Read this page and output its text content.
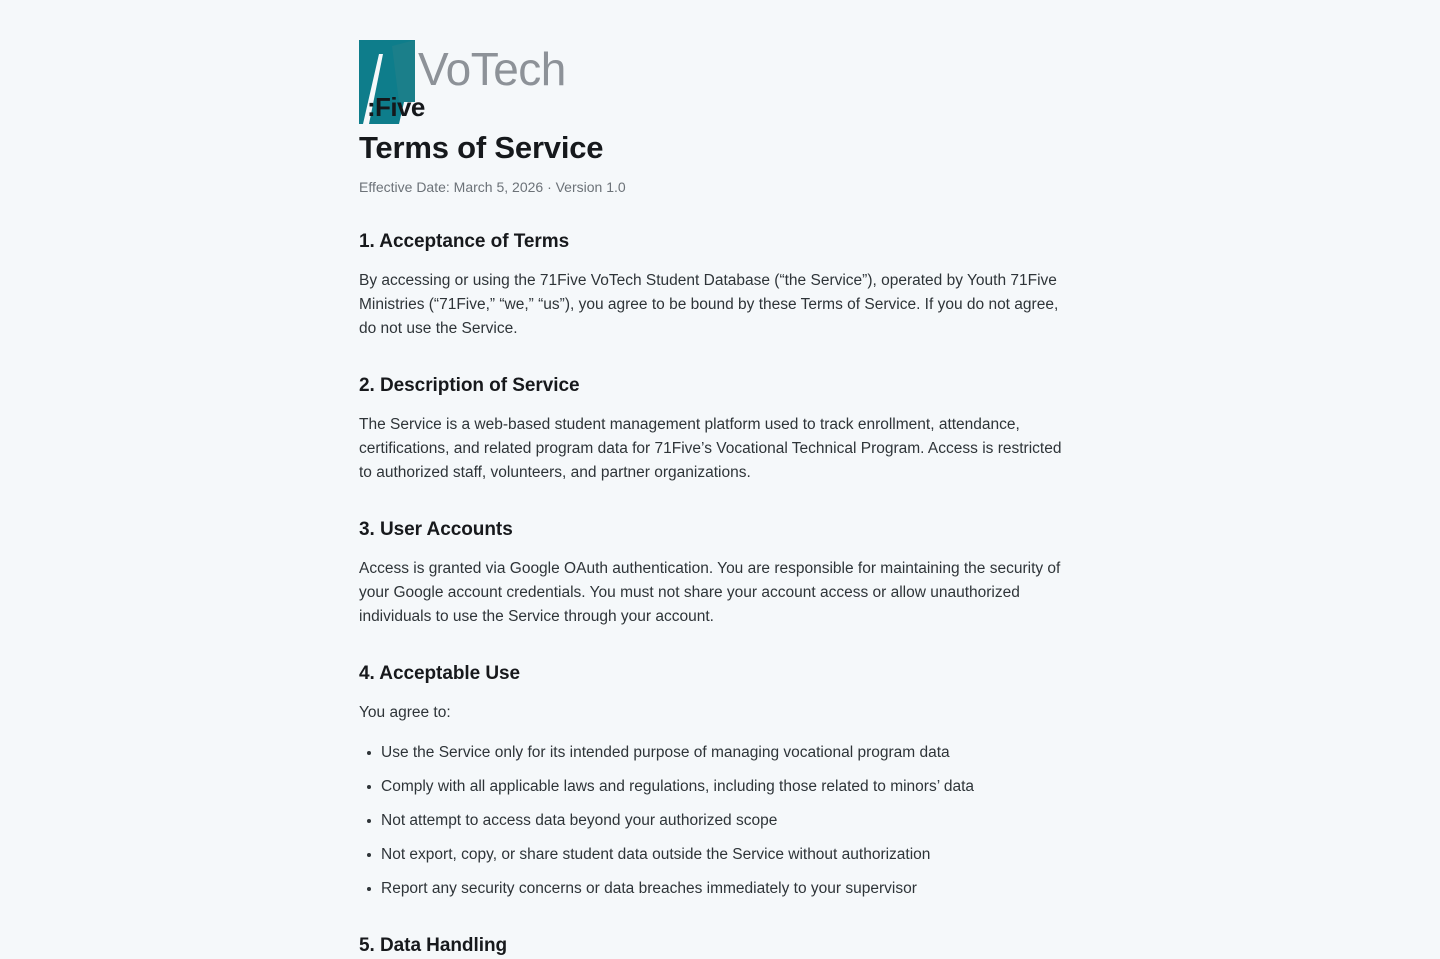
VoTech
:Five
Terms of Service

Effective Date: March 5, 2026 · Version 1.0

1. Acceptance of Terms

By accessing or using the 71Five VoTech Student Database (“the Service”), operated by Youth 71Five Ministries (“71Five,” “we,” “us”), you agree to be bound by these Terms of Service. If you do not agree, do not use the Service.

2. Description of Service

The Service is a web-based student management platform used to track enrollment, attendance, certifications, and related program data for 71Five’s Vocational Technical Program. Access is restricted to authorized staff, volunteers, and partner organizations.

3. User Accounts

Access is granted via Google OAuth authentication. You are responsible for maintaining the security of your Google account credentials. You must not share your account access or allow unauthorized individuals to use the Service through your account.

4. Acceptable Use

You agree to:

Use the Service only for its intended purpose of managing vocational program data
Comply with all applicable laws and regulations, including those related to minors’ data
Not attempt to access data beyond your authorized scope
Not export, copy, or share student data outside the Service without authorization
Report any security concerns or data breaches immediately to your supervisor
5. Data Handling
